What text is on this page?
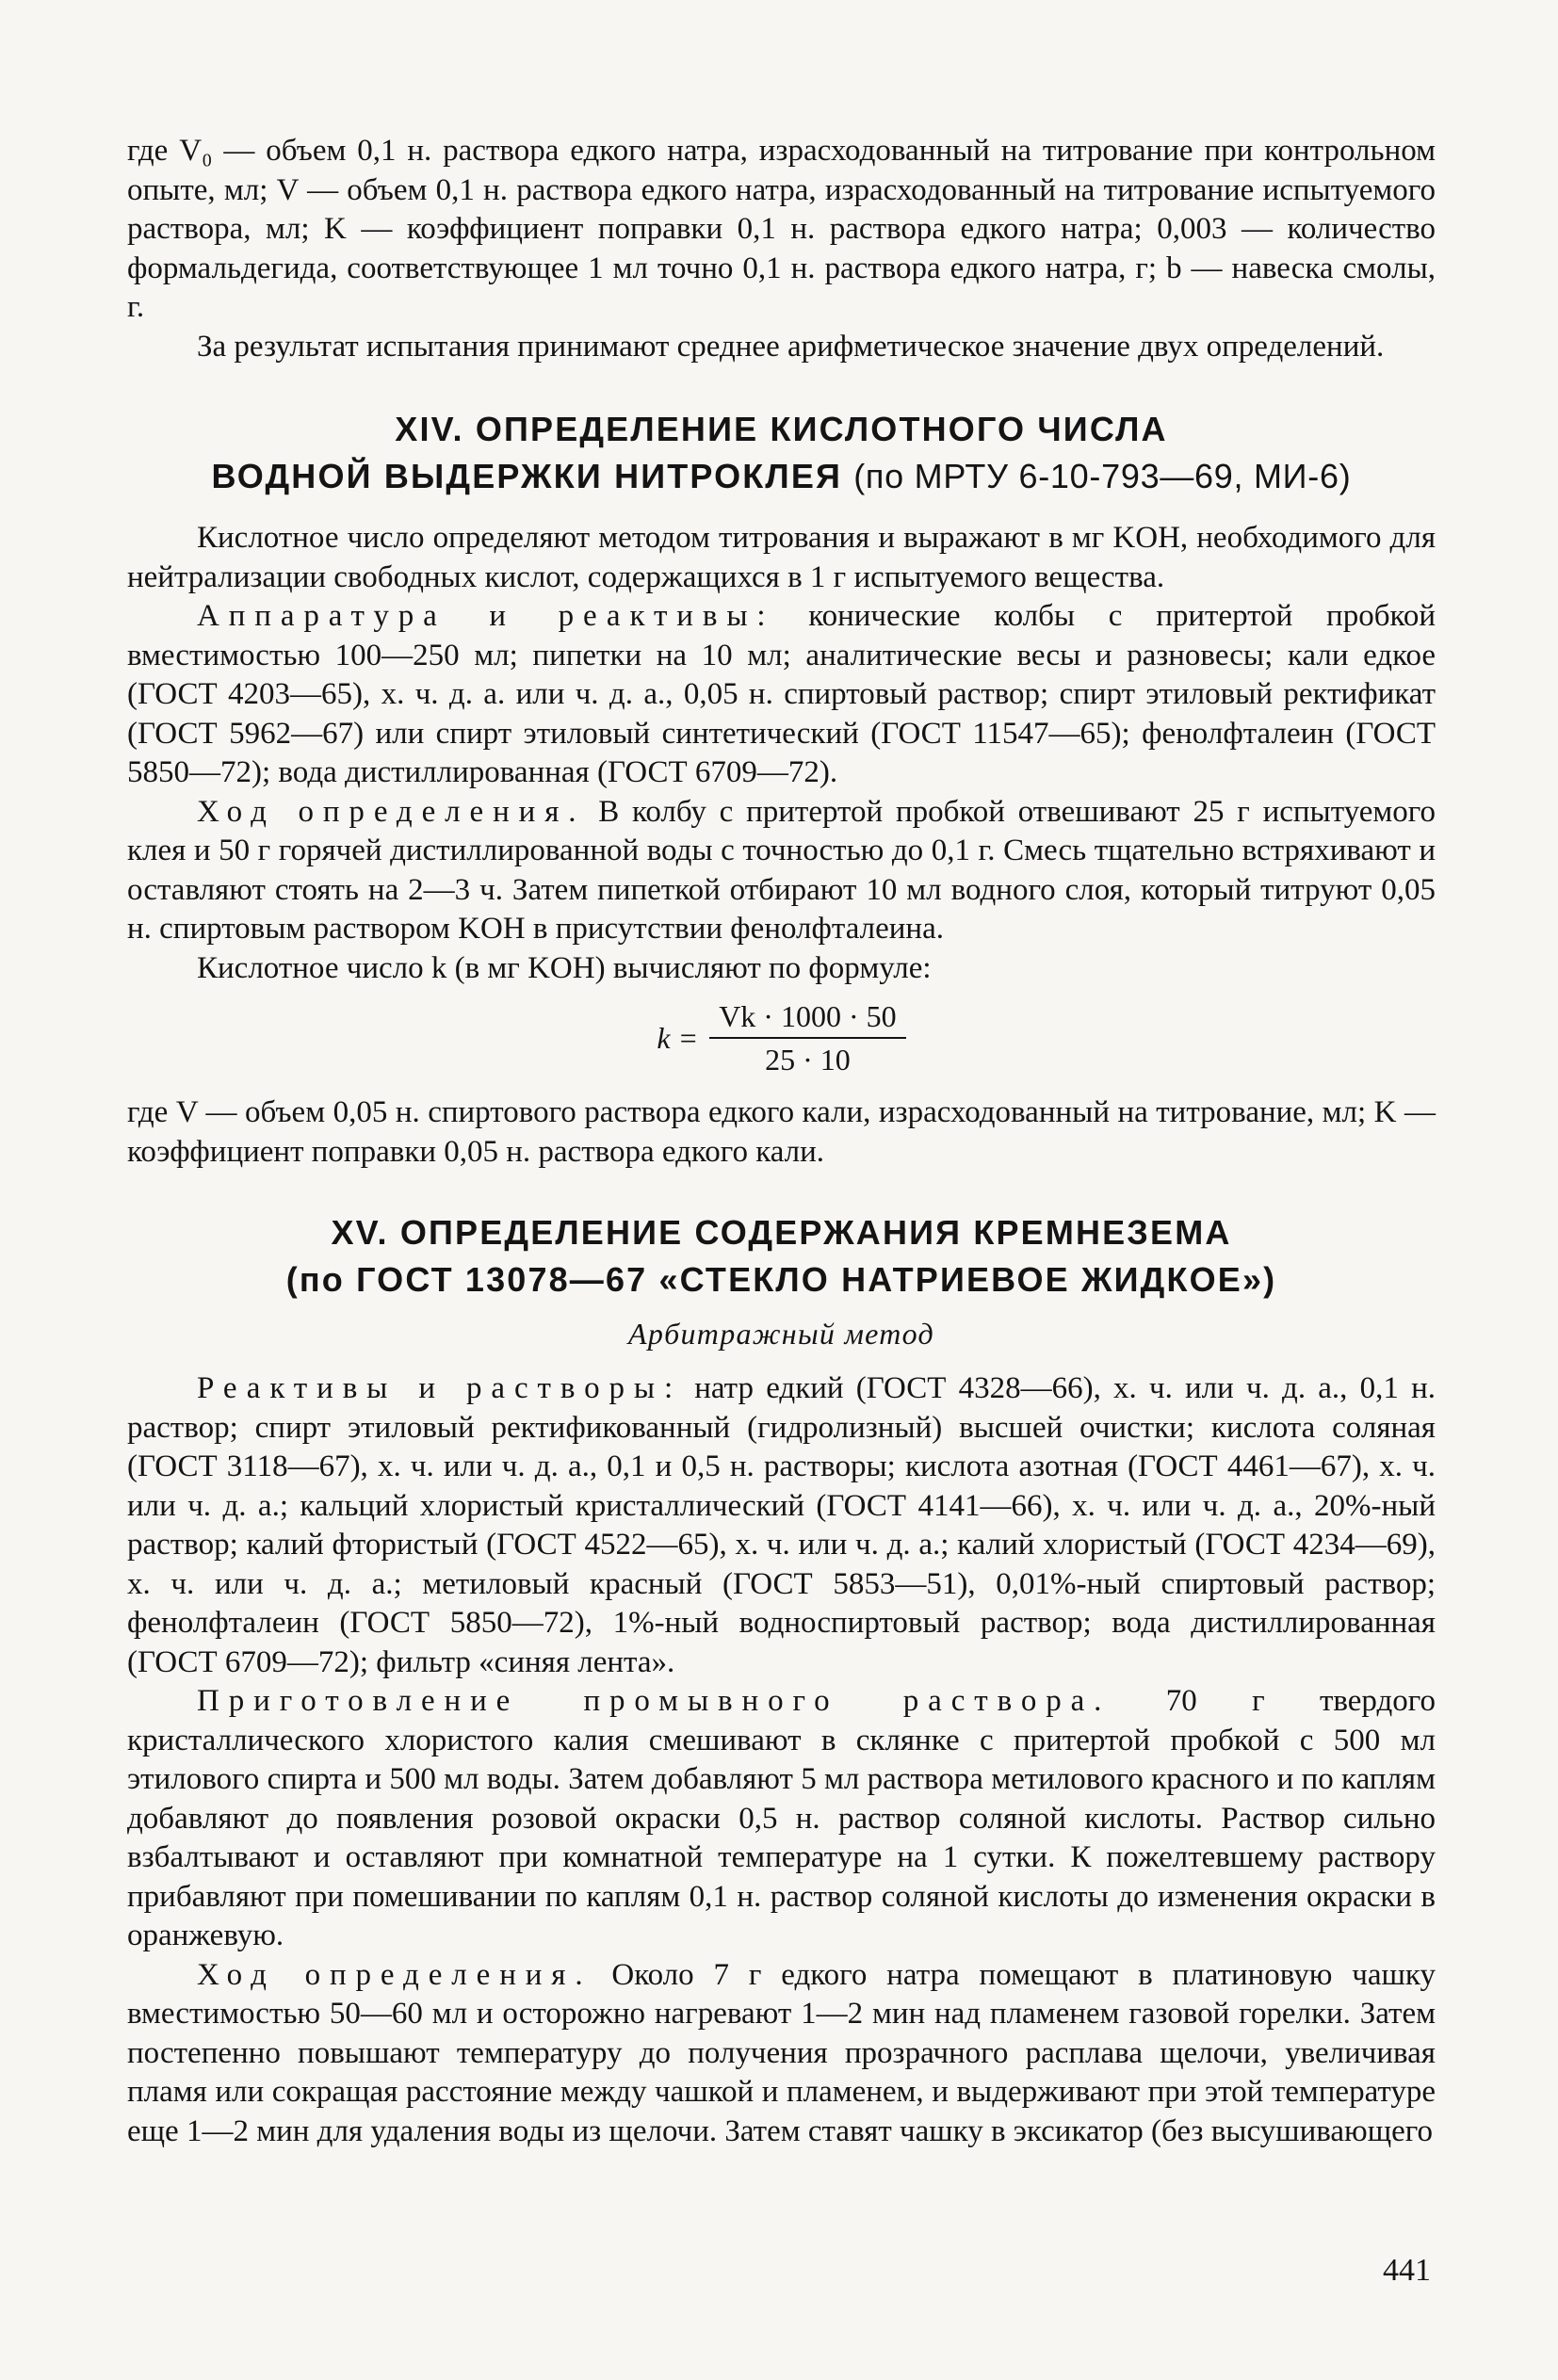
где V₀ — объем 0,1 н. раствора едкого натра, израсходованный на титрование при контрольном опыте, мл; V — объем 0,1 н. раствора едкого натра, израсходованный на титрование испытуемого раствора, мл; K — коэффициент поправки 0,1 н. раствора едкого натра; 0,003 — количество формальдегида, соответствующее 1 мл точно 0,1 н. раствора едкого натра, г; b — навеска смолы, г.

За результат испытания принимают среднее арифметическое значение двух определений.

XIV. ОПРЕДЕЛЕНИЕ КИСЛОТНОГО ЧИСЛА
ВОДНОЙ ВЫДЕРЖКИ НИТРОКЛЕЯ (по МРТУ 6-10-793—69, МИ-6)

Кислотное число определяют методом титрования и выражают в мг KOH, необходимого для нейтрализации свободных кислот, содержащихся в 1 г испытуемого вещества.

Аппаратура и реактивы: конические колбы с притертой пробкой вместимостью 100—250 мл; пипетки на 10 мл; аналитические весы и разновесы; кали едкое (ГОСТ 4203—65), х. ч. д. а. или ч. д. а., 0,05 н. спиртовый раствор; спирт этиловый ректификат (ГОСТ 5962—67) или спирт этиловый синтетический (ГОСТ 11547—65); фенолфталеин (ГОСТ 5850—72); вода дистиллированная (ГОСТ 6709—72).

Ход определения. В колбу с притертой пробкой отвешивают 25 г испытуемого клея и 50 г горячей дистиллированной воды с точностью до 0,1 г. Смесь тщательно встряхивают и оставляют стоять на 2—3 ч. Затем пипеткой отбирают 10 мл водного слоя, который титруют 0,05 н. спиртовым раствором KOH в присутствии фенолфталеина.

Кислотное число k (в мг KOH) вычисляют по формуле:

$k = \frac{Vk \cdot 1000 \cdot 50}{25 \cdot 10}$

где V — объем 0,05 н. спиртового раствора едкого кали, израсходованный на титрование, мл; K — коэффициент поправки 0,05 н. раствора едкого кали.

XV. ОПРЕДЕЛЕНИЕ СОДЕРЖАНИЯ КРЕМНЕЗЕМА
(по ГОСТ 13078—67 «СТЕКЛО НАТРИЕВОЕ ЖИДКОЕ»)
Арбитражный метод

Реактивы и растворы: натр едкий (ГОСТ 4328—66), х. ч. или ч. д. а., 0,1 н. раствор; спирт этиловый ректификованный (гидролизный) высшей очистки; кислота соляная (ГОСТ 3118—67), х. ч. или ч. д. а., 0,1 и 0,5 н. растворы; кислота азотная (ГОСТ 4461—67), х. ч. или ч. д. а.; кальций хлористый кристаллический (ГОСТ 4141—66), х. ч. или ч. д. а., 20%-ный раствор; калий фтористый (ГОСТ 4522—65), х. ч. или ч. д. а.; калий хлористый (ГОСТ 4234—69), х. ч. или ч. д. а.; метиловый красный (ГОСТ 5853—51), 0,01%-ный спиртовый раствор; фенолфталеин (ГОСТ 5850—72), 1%-ный водноспиртовый раствор; вода дистиллированная (ГОСТ 6709—72); фильтр «синяя лента».

Приготовление промывного раствора. 70 г твердого кристаллического хлористого калия смешивают в склянке с притертой пробкой с 500 мл этилового спирта и 500 мл воды. Затем добавляют 5 мл раствора метилового красного и по каплям добавляют до появления розовой окраски 0,5 н. раствор соляной кислоты. Раствор сильно взбалтывают и оставляют при комнатной температуре на 1 сутки. К пожелтевшему раствору прибавляют при помешивании по каплям 0,1 н. раствор соляной кислоты до изменения окраски в оранжевую.

Ход определения. Около 7 г едкого натра помещают в платиновую чашку вместимостью 50—60 мл и осторожно нагревают 1—2 мин над пламенем газовой горелки. Затем постепенно повышают температуру до получения прозрачного расплава щелочи, увеличивая пламя или сокращая расстояние между чашкой и пламенем, и выдерживают при этой температуре еще 1—2 мин для удаления воды из щелочи. Затем ставят чашку в эксикатор (без высушивающего

441
